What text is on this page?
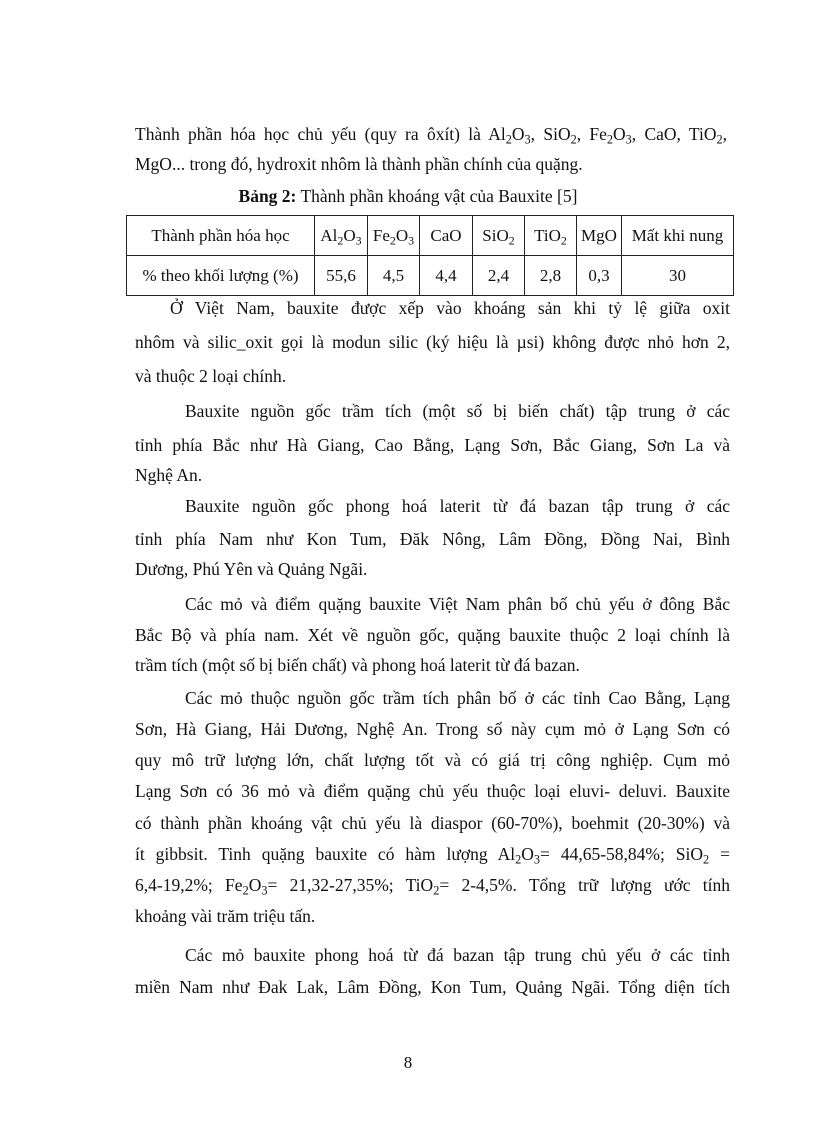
Thành phần hóa học chủ yếu (quy ra ôxít) là $Al_2O_3$, SiO$_2$, $Fe_2O_3$, CaO, TiO$_2$,

MgO... trong đó, hydroxit nhôm là thành phần chính của quặng.

Bảng 2: Thành phần khoáng vật của Bauxite [5]

Thành phần hóa học	$Al_2O_3$	$Fe_2O_3$	CaO	SiO$_2$	TiO$_2$	MgO	Mất khi nung
% theo khối lượng (%)	55,6	4,5	4,4	2,4	2,8	0,3	30

Ở Việt Nam, bauxite được xếp vào khoáng sản khi tỷ lệ giữa oxit

nhôm và silic_oxit gọi là modun silic (ký hiệu là µsi) không được nhỏ hơn 2,

và thuộc 2 loại chính.

Bauxite nguồn gốc trầm tích (một số bị biến chất) tập trung ở các

tỉnh phía Bắc như Hà Giang, Cao Bằng, Lạng Sơn, Bắc Giang, Sơn La và

Nghệ An.

Bauxite nguồn gốc phong hoá laterit từ đá bazan tập trung ở các

tỉnh phía Nam như Kon Tum, Đăk Nông, Lâm Đồng, Đồng Nai, Bình

Dương, Phú Yên và Quảng Ngãi.

Các mỏ và điểm quặng bauxite Việt Nam phân bố chủ yếu ở đông Bắc

Bắc Bộ và phía nam. Xét về nguồn gốc, quặng bauxite thuộc 2 loại chính là

trầm tích (một số bị biến chất) và phong hoá laterit từ đá bazan.

Các mỏ thuộc nguồn gốc trầm tích phân bố ở các tỉnh Cao Bằng, Lạng

Sơn, Hà Giang, Hải Dương, Nghệ An. Trong số này cụm mỏ ở Lạng Sơn có

quy mô trữ lượng lớn, chất lượng tốt và có giá trị công nghiệp. Cụm mỏ

Lạng Sơn có 36 mỏ và điểm quặng chủ yếu thuộc loại eluvi- deluvi. Bauxite

có thành phần khoáng vật chủ yếu là diaspor (60-70%), boehmit (20-30%) và

ít gibbsit. Tinh quặng bauxite có hàm lượng $Al_2O_3= 44,65-58,84\%$; SiO$_2$ =

6,4-19,2%; $Fe_2O_3= 21,32-27,35\%$; TiO$_2$= 2-4,5%. Tổng trữ lượng ước tính

khoảng vài trăm triệu tấn.

Các mỏ bauxite phong hoá từ đá bazan tập trung chủ yếu ở các tỉnh

miền Nam như Đak Lak, Lâm Đồng, Kon Tum, Quảng Ngãi. Tổng diện tích

8
